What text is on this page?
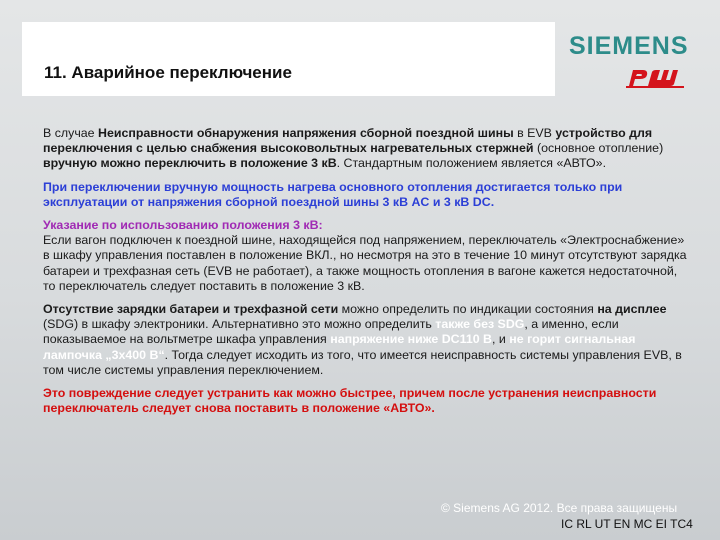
11. Аварийное переключение
SIEMENS

В случае Неисправности обнаружения напряжения сборной поездной шины в EVB устройство для переключения с целью снабжения высоковольтных нагревательных стержней (основное отопление) вручную можно переключить в положение 3 кВ. Стандартным положением является «АВТО».

При переключении вручную мощность нагрева основного отопления достигается только при эксплуатации от напряжения сборной поездной шины 3 кВ AC и 3 кВ DC.

Указание по использованию положения 3 кВ:
Если вагон подключен к поездной шине, находящейся под напряжением, переключатель «Электроснабжение» в шкафу управления поставлен в положение ВКЛ., но несмотря на это в течение 10 минут отсутствуют зарядка батареи и трехфазная сеть (EVB не работает), а также мощность отопления в вагоне кажется недостаточной, то переключатель следует поставить в положение 3 кВ.

Отсутствие зарядки батареи и трехфазной сети можно определить по индикации состояния на дисплее (SDG) в шкафу электроники. Альтернативно это можно определить также без SDG, а именно, если показываемое на вольтметре шкафа управления напряжение ниже DC110 В, и не горит сигнальная лампочка „3х400 В“. Тогда следует исходить из того, что имеется неисправность системы управления EVB, в том числе системы управления переключением.

Это повреждение следует устранить как можно быстрее, причем после устранения неисправности переключатель следует снова поставить в положение «АВТО».

© Siemens AG 2012. Все права защищены
IC RL UT EN MC EI TC4
